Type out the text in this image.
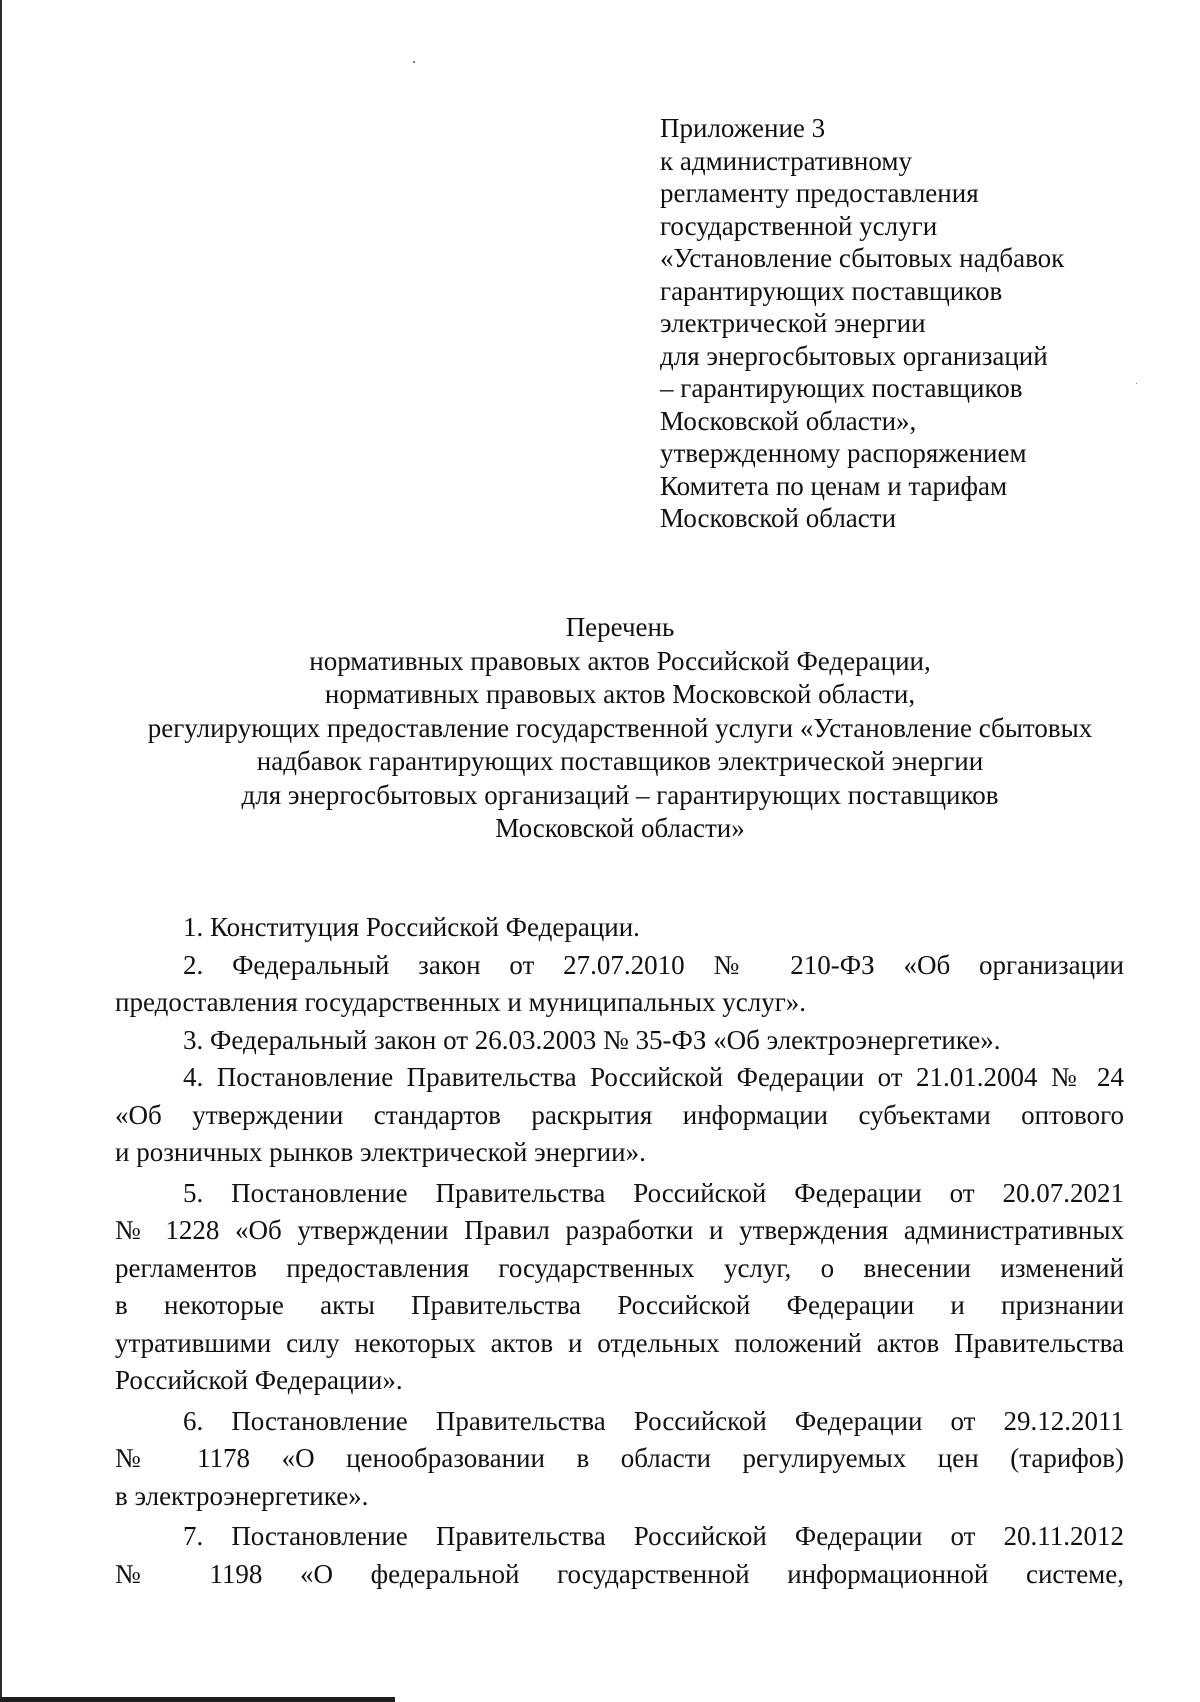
Приложение 3
к административному
регламенту предоставления
государственной услуги
«Установление сбытовых надбавок
гарантирующих поставщиков
электрической энергии
для энергосбытовых организаций
– гарантирующих поставщиков
Московской области»,
утвержденному распоряжением
Комитета по ценам и тарифам
Московской области
Перечень
нормативных правовых актов Российской Федерации,
нормативных правовых актов Московской области,
регулирующих предоставление государственной услуги «Установление сбытовых
надбавок гарантирующих поставщиков электрической энергии
для энергосбытовых организаций – гарантирующих поставщиков
Московской области»
1. Конституция Российской Федерации.
2. Федеральный закон от 27.07.2010 № 210-ФЗ «Об организации
предоставления государственных и муниципальных услуг».
3. Федеральный закон от 26.03.2003 № 35-ФЗ «Об электроэнергетике».
4. Постановление Правительства Российской Федерации от 21.01.2004 № 24
«Об утверждении стандартов раскрытия информации субъектами оптового
и розничных рынков электрической энергии».
5. Постановление Правительства Российской Федерации от 20.07.2021
№ 1228 «Об утверждении Правил разработки и утверждения административных
регламентов предоставления государственных услуг, о внесении изменений
в некоторые акты Правительства Российской Федерации и признании
утратившими силу некоторых актов и отдельных положений актов Правительства
Российской Федерации».
6. Постановление Правительства Российской Федерации от 29.12.2011
№ 1178 «О ценообразовании в области регулируемых цен (тарифов)
в электроэнергетике».
7. Постановление Правительства Российской Федерации от 20.11.2012
№ 1198 «О федеральной государственной информационной системе,
